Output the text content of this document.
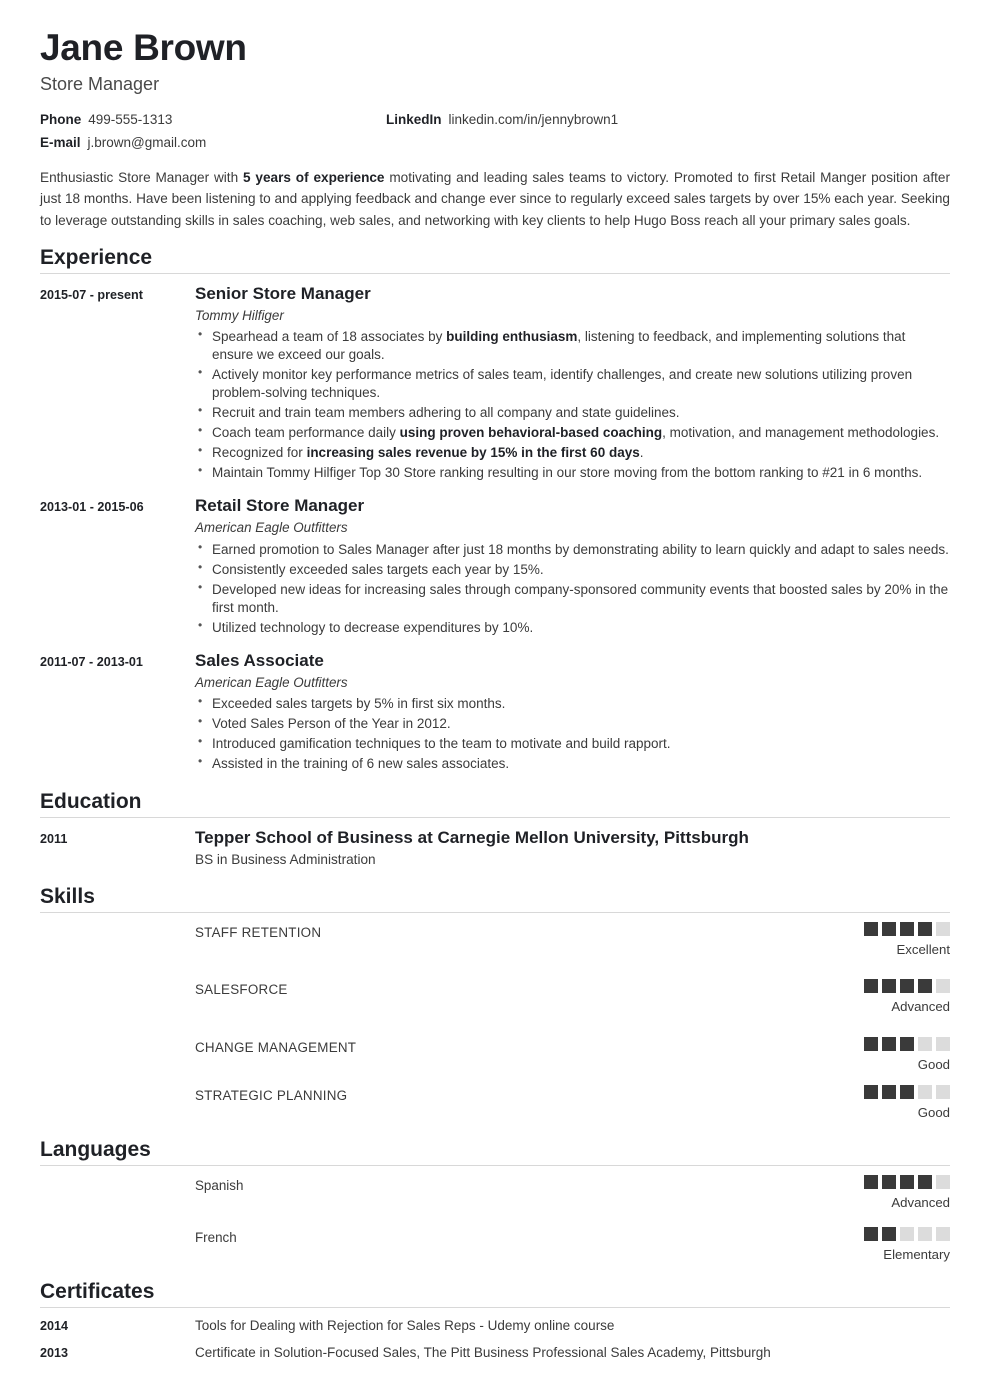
Jane Brown
Store Manager
Phone 499-555-1313	LinkedIn linkedin.com/in/jennybrown1
E-mail j.brown@gmail.com

Enthusiastic Store Manager with 5 years of experience motivating and leading sales teams to victory. Promoted to first Retail Manger position after just 18 months. Have been listening to and applying feedback and change ever since to regularly exceed sales targets by over 15% each year. Seeking to leverage outstanding skills in sales coaching, web sales, and networking with key clients to help Hugo Boss reach all your primary sales goals.

Experience
2015-07 - present	Senior Store Manager
Tommy Hilfiger
• Spearhead a team of 18 associates by building enthusiasm, listening to feedback, and implementing solutions that ensure we exceed our goals.
• Actively monitor key performance metrics of sales team, identify challenges, and create new solutions utilizing proven problem-solving techniques.
• Recruit and train team members adhering to all company and state guidelines.
• Coach team performance daily using proven behavioral-based coaching, motivation, and management methodologies.
• Recognized for increasing sales revenue by 15% in the first 60 days.
• Maintain Tommy Hilfiger Top 30 Store ranking resulting in our store moving from the bottom ranking to #21 in 6 months.
2013-01 - 2015-06	Retail Store Manager
American Eagle Outfitters
• Earned promotion to Sales Manager after just 18 months by demonstrating ability to learn quickly and adapt to sales needs.
• Consistently exceeded sales targets each year by 15%.
• Developed new ideas for increasing sales through company-sponsored community events that boosted sales by 20% in the first month.
• Utilized technology to decrease expenditures by 10%.
2011-07 - 2013-01	Sales Associate
American Eagle Outfitters
• Exceeded sales targets by 5% in first six months.
• Voted Sales Person of the Year in 2012.
• Introduced gamification techniques to the team to motivate and build rapport.
• Assisted in the training of 6 new sales associates.
Education
2011	Tepper School of Business at Carnegie Mellon University, Pittsburgh
BS in Business Administration
Skills
STAFF RETENTION
Excellent
SALESFORCE
Advanced
CHANGE MANAGEMENT
Good
STRATEGIC PLANNING
Good
Languages
Spanish
Advanced
French
Elementary
Certificates
2014	Tools for Dealing with Rejection for Sales Reps - Udemy online course
2013	Certificate in Solution-Focused Sales, The Pitt Business Professional Sales Academy, Pittsburgh
